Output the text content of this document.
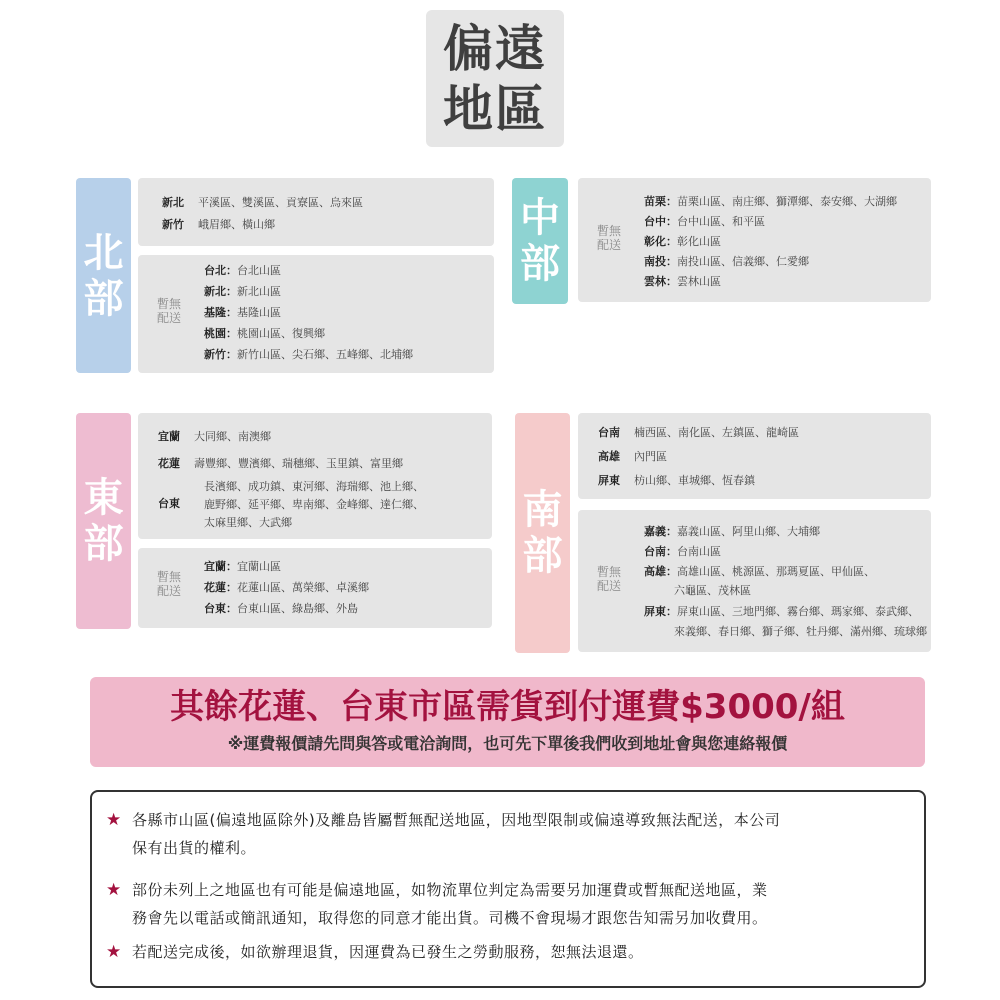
偏遠
地區
北
部
新北 平溪區、雙溪區、貢寮區、烏來區
新竹 峨眉鄉、橫山鄉
暫無
配送
台北 ： 台北山區
新北 ： 新北山區
基隆 ： 基隆山區
桃園 ： 桃園山區、復興鄉
新竹 ： 新竹山區、尖石鄉、五峰鄉、北埔鄉
中
部
暫無
配送
苗栗 ： 苗栗山區、南庄鄉、獅潭鄉、泰安鄉、大湖鄉
台中 ： 台中山區、和平區
彰化 ： 彰化山區
南投 ： 南投山區、信義鄉、仁愛鄉
雲林 ： 雲林山區
東
部
宜蘭 大同鄉、南澳鄉
花蓮 壽豐鄉、豐濱鄉、瑞穗鄉、玉里鎮、富里鄉
台東
長濱鄉、成功鎮、東河鄉、海瑞鄉、池上鄉、
鹿野鄉、延平鄉、卑南鄉、金峰鄉、達仁鄉、
太麻里鄉、大武鄉
暫無
配送
宜蘭 ： 宜蘭山區
花蓮 ： 花蓮山區、萬榮鄉、卓溪鄉
台東 ： 台東山區、綠島鄉、外島
南
部
台南 楠西區、南化區、左鎮區、龍崎區
高雄 內門區
屏東 枋山鄉、車城鄉、恆春鎮
暫無
配送
嘉義 ： 嘉義山區、阿里山鄉、大埔鄉
台南 ： 台南山區
高雄 ： 高雄山區、桃源區、那瑪夏區、甲仙區、
六龜區、茂林區
屏東 ： 屏東山區、三地門鄉、霧台鄉、瑪家鄉、泰武鄉、
來義鄉、春日鄉、獅子鄉、牡丹鄉、滿州鄉、琉球鄉
其餘花蓮、台東市區需貨到付運費$3000/組
※運費報價請先問與答或電洽詢問，也可先下單後我們收到地址會與您連絡報價
★ 各縣市山區(偏遠地區除外)及離島皆屬暫無配送地區，因地型限制或偏遠導致無法配送，本公司
保有出貨的權利。
★ 部份未列上之地區也有可能是偏遠地區，如物流單位判定為需要另加運費或暫無配送地區，業
務會先以電話或簡訊通知，取得您的同意才能出貨。司機不會現場才跟您告知需另加收費用。
★ 若配送完成後，如欲辦理退貨，因運費為已發生之勞動服務，恕無法退還。
